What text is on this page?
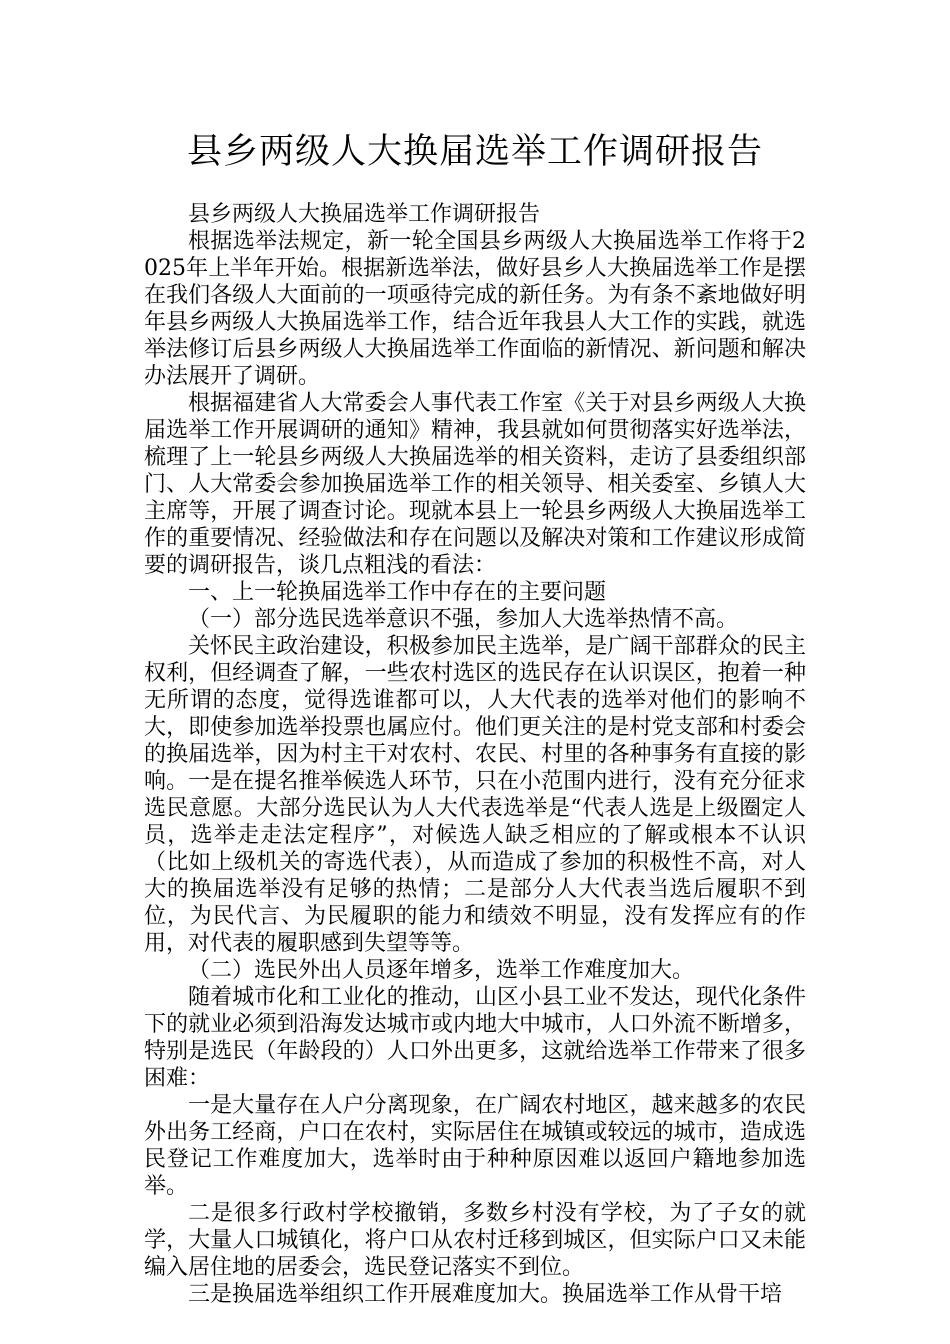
县乡两级人大换届选举工作调研报告

县乡两级人大换届选举工作调研报告

根据选举法规定，新一轮全国县乡两级人大换届选举工作将于2025年上半年开始。根据新选举法，做好县乡人大换届选举工作是摆在我们各级人大面前的一项亟待完成的新任务。为有条不紊地做好明年县乡两级人大换届选举工作，结合近年我县人大工作的实践，就选举法修订后县乡两级人大换届选举工作面临的新情况、新问题和解决办法展开了调研。

根据福建省人大常委会人事代表工作室《关于对县乡两级人大换届选举工作开展调研的通知》精神，我县就如何贯彻落实好选举法，梳理了上一轮县乡两级人大换届选举的相关资料，走访了县委组织部门、人大常委会参加换届选举工作的相关领导、相关委室、乡镇人大主席等，开展了调查讨论。现就本县上一轮县乡两级人大换届选举工作的重要情况、经验做法和存在问题以及解决对策和工作建议形成简要的调研报告，谈几点粗浅的看法：

一、上一轮换届选举工作中存在的主要问题

（一）部分选民选举意识不强，参加人大选举热情不高。

关怀民主政治建设，积极参加民主选举，是广阔干部群众的民主权利，但经调查了解，一些农村选区的选民存在认识误区，抱着一种无所谓的态度，觉得选谁都可以，人大代表的选举对他们的影响不大，即使参加选举投票也属应付。他们更关注的是村党支部和村委会的换届选举，因为村主干对农村、农民、村里的各种事务有直接的影响。一是在提名推举候选人环节，只在小范围内进行，没有充分征求选民意愿。大部分选民认为人大代表选举是“代表人选是上级圈定人员，选举走走法定程序”，对候选人缺乏相应的了解或根本不认识（比如上级机关的寄选代表），从而造成了参加的积极性不高，对人大的换届选举没有足够的热情；二是部分人大代表当选后履职不到位，为民代言、为民履职的能力和绩效不明显，没有发挥应有的作用，对代表的履职感到失望等等。

（二）选民外出人员逐年增多，选举工作难度加大。

随着城市化和工业化的推动，山区小县工业不发达，现代化条件下的就业必须到沿海发达城市或内地大中城市，人口外流不断增多，特别是选民（年龄段的）人口外出更多，这就给选举工作带来了很多困难：

一是大量存在人户分离现象，在广阔农村地区，越来越多的农民外出务工经商，户口在农村，实际居住在城镇或较远的城市，造成选民登记工作难度加大，选举时由于种种原因难以返回户籍地参加选举。

二是很多行政村学校撤销，多数乡村没有学校，为了子女的就学，大量人口城镇化，将户口从农村迁移到城区，但实际户口又未能编入居住地的居委会，选民登记落实不到位。

三是换届选举组织工作开展难度加大。换届选举工作从骨干培
